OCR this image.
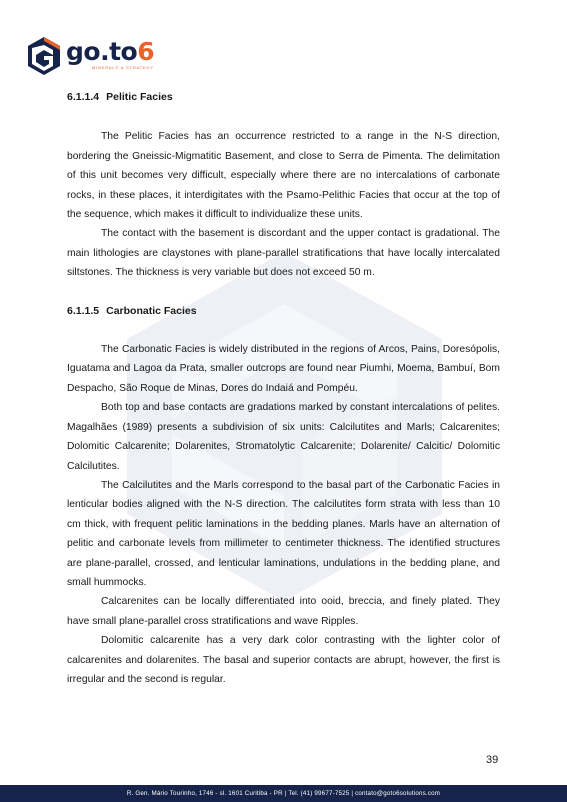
go.to6
MINERALS & STRATEGY
6.1.1.4 Pelitic Facies

The Pelitic Facies has an occurrence restricted to a range in the N-S direction, bordering the Gneissic-Migmatitic Basement, and close to Serra de Pimenta. The delimitation of this unit becomes very difficult, especially where there are no intercalations of carbonate rocks, in these places, it interdigitates with the Psamo-Pelithic Facies that occur at the top of the sequence, which makes it difficult to individualize these units.

The contact with the basement is discordant and the upper contact is gradational. The main lithologies are claystones with plane-parallel stratifications that have locally intercalated siltstones. The thickness is very variable but does not exceed 50 m.

6.1.1.5 Carbonatic Facies

The Carbonatic Facies is widely distributed in the regions of Arcos, Pains, Doresópolis, Iguatama and Lagoa da Prata, smaller outcrops are found near Piumhi, Moema, Bambuí, Bom Despacho, São Roque de Minas, Dores do Indaiá and Pompéu.

Both top and base contacts are gradations marked by constant intercalations of pelites. Magalhães (1989) presents a subdivision of six units: Calcilutites and Marls; Calcarenites; Dolomitic Calcarenite; Dolarenites, Stromatolytic Calcarenite; Dolarenite/ Calcitic/ Dolomitic Calcilutites.

The Calcilutites and the Marls correspond to the basal part of the Carbonatic Facies in lenticular bodies aligned with the N-S direction. The calcilutites form strata with less than 10 cm thick, with frequent pelitic laminations in the bedding planes. Marls have an alternation of pelitic and carbonate levels from millimeter to centimeter thickness. The identified structures are plane-parallel, crossed, and lenticular laminations, undulations in the bedding plane, and small hummocks.

Calcarenites can be locally differentiated into ooid, breccia, and finely plated. They have small plane-parallel cross stratifications and wave Ripples.

Dolomitic calcarenite has a very dark color contrasting with the lighter color of calcarenites and dolarenites. The basal and superior contacts are abrupt, however, the first is irregular and the second is regular.

39
R. Gen. Mário Tourinho, 1746 - sl. 1601 Curitiba - PR | Tel. (41) 99677-7525 | contato@goto6solutions.com
